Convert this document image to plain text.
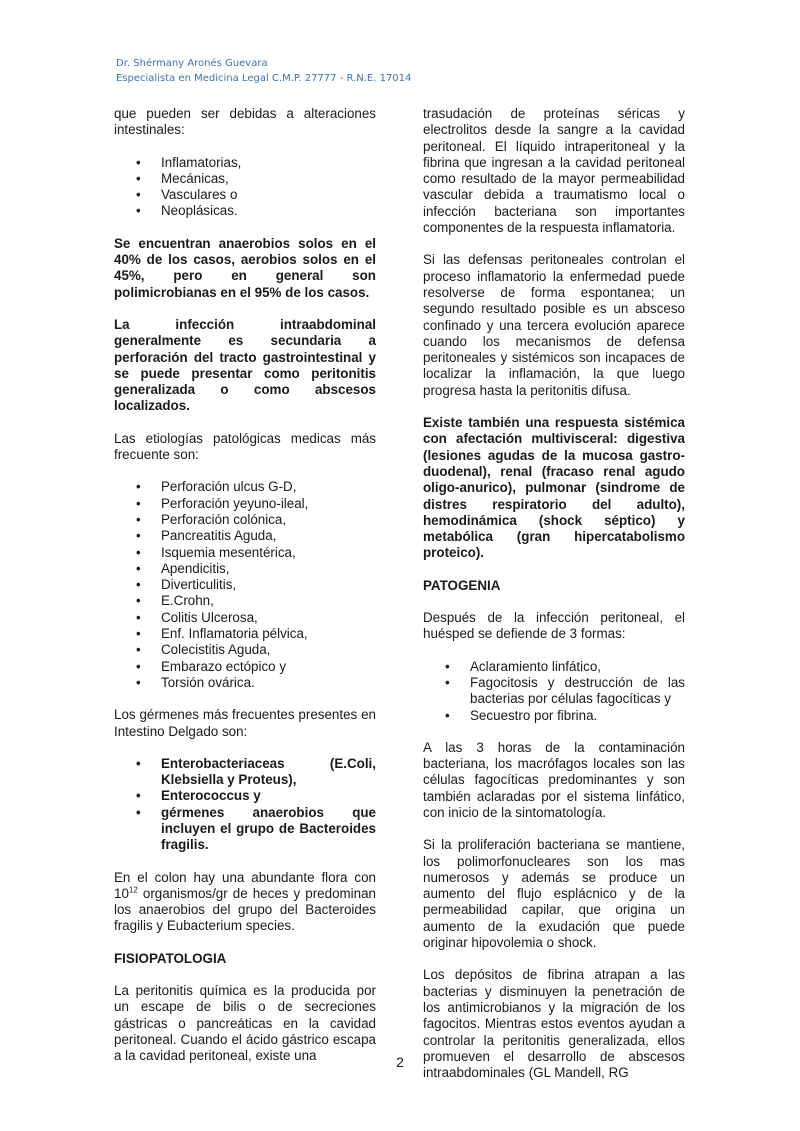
Dr. Shérmany Aronés Guevara
Especialista en Medicina Legal C.M.P. 27777 - R.N.E. 17014

que pueden ser debidas a alteraciones intestinales:

• Inflamatorias,
• Mecánicas,
• Vasculares o
• Neoplásicas.

Se encuentran anaerobios solos en el 40% de los casos, aerobios solos en el 45%, pero en general son polimicrobianas en el 95% de los casos.

La infección intraabdominal generalmente es secundaria a perforación del tracto gastrointestinal y se puede presentar como peritonitis generalizada o como abscesos localizados.

Las etiologías patológicas medicas más frecuente son:

• Perforación ulcus G-D,
• Perforación yeyuno-ileal,
• Perforación colónica,
• Pancreatitis Aguda,
• Isquemia mesentérica,
• Apendicitis,
• Diverticulitis,
• E.Crohn,
• Colitis Ulcerosa,
• Enf. Inflamatoria pélvica,
• Colecistitis Aguda,
• Embarazo ectópico y
• Torsión ovárica.

Los gérmenes más frecuentes presentes en Intestino Delgado son:

• Enterobacteriaceas (E.Coli, Klebsiella y Proteus),
• Enterococcus y
• gérmenes anaerobios que incluyen el grupo de Bacteroides fragilis.

En el colon hay una abundante flora con $10^{12}$ organismos/gr de heces y predominan los anaerobios del grupo del Bacteroides fragilis y Eubacterium species.

FISIOPATOLOGIA

La peritonitis química es la producida por un escape de bilis o de secreciones gástricas o pancreáticas en la cavidad peritoneal. Cuando el ácido gástrico escapa a la cavidad peritoneal, existe una

trasudación de proteínas séricas y electrolitos desde la sangre a la cavidad peritoneal. El líquido intraperitoneal y la fibrina que ingresan a la cavidad peritoneal como resultado de la mayor permeabilidad vascular debida a traumatismo local o infección bacteriana son importantes componentes de la respuesta inflamatoria.

Si las defensas peritoneales controlan el proceso inflamatorio la enfermedad puede resolverse de forma espontanea; un segundo resultado posible es un absceso confinado y una tercera evolución aparece cuando los mecanismos de defensa peritoneales y sistémicos son incapaces de localizar la inflamación, la que luego progresa hasta la peritonitis difusa.

Existe también una respuesta sistémica con afectación multivisceral: digestiva (lesiones agudas de la mucosa gastro-duodenal), renal (fracaso renal agudo oligo-anurico), pulmonar (sindrome de distres respiratorio del adulto), hemodinámica (shock séptico) y metabólica (gran hipercatabolismo proteico).

PATOGENIA

Después de la infección peritoneal, el huésped se defiende de 3 formas:

• Aclaramiento linfático,
• Fagocitosis y destrucción de las bacterias por células fagocíticas y
• Secuestro por fibrina.

A las 3 horas de la contaminación bacteriana, los macrófagos locales son las células fagocíticas predominantes y son también aclaradas por el sistema linfático, con inicio de la sintomatología.

Si la proliferación bacteriana se mantiene, los polimorfonucleares son los mas numerosos y además se produce un aumento del flujo esplácnico y de la permeabilidad capilar, que origina un aumento de la exudación que puede originar hipovolemia o shock.

Los depósitos de fibrina atrapan a las bacterias y disminuyen la penetración de los antimicrobianos y la migración de los fagocitos. Mientras estos eventos ayudan a controlar la peritonitis generalizada, ellos promueven el desarrollo de abscesos intraabdominales (GL Mandell, RG

2
